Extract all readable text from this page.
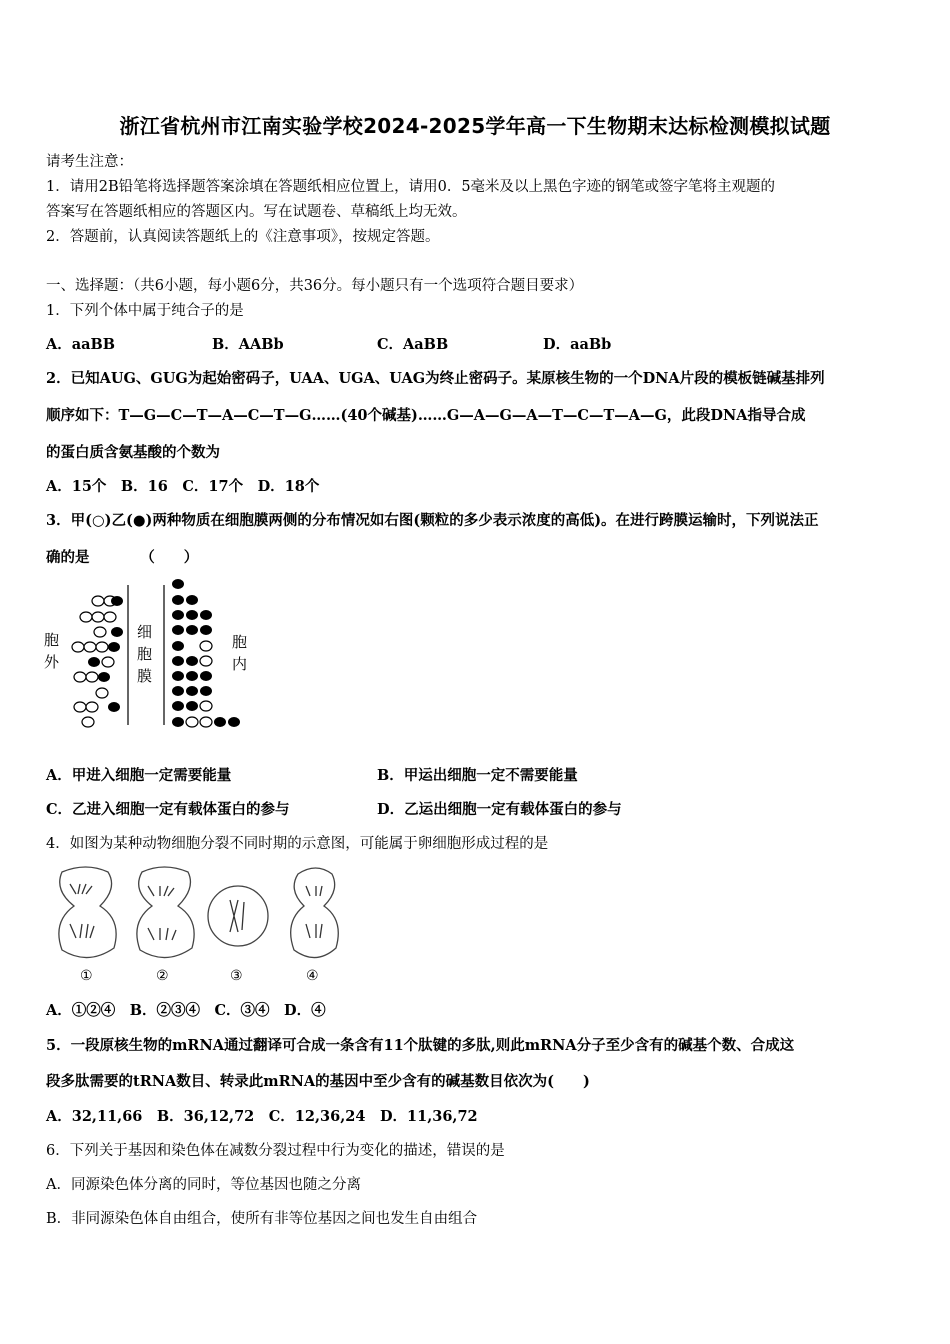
浙江省杭州市江南实验学校2024-2025学年高一下生物期末达标检测模拟试题
请考生注意：
1．请用2B铅笔将选择题答案涂填在答题纸相应位置上，请用0．5毫米及以上黑色字迹的钢笔或签字笔将主观题的
答案写在答题纸相应的答题区内。写在试题卷、草稿纸上均无效。
2．答题前，认真阅读答题纸上的《注意事项》，按规定答题。
一、选择题：（共6小题，每小题6分，共36分。每小题只有一个选项符合题目要求）
1．下列个体中属于纯合子的是
A．aaBB	B．AABb	C．AaBB	D．aaBb
2．已知AUG、GUG为起始密码子，UAA、UGA、UAG为终止密码子。某原核生物的一个DNA片段的模板链碱基排列
顺序如下：T—G—C—T—A—C—T—G……(40个碱基)……G—A—G—A—T—C—T—A—G，此段DNA指导合成
的蛋白质含氨基酸的个数为
A．15个　B．16　C．17个　D．18个
3．甲(○)乙(●)两种物质在细胞膜两侧的分布情况如右图(颗粒的多少表示浓度的高低)。在进行跨膜运输时，下列说法正
确的是　　　　（　　）
胞
外
细
胞
膜
胞
内
A．甲进入细胞一定需要能量	B．甲运出细胞一定不需要能量
C．乙进入细胞一定有载体蛋白的参与	D．乙运出细胞一定有载体蛋白的参与
4．如图为某种动物细胞分裂不同时期的示意图，可能属于卵细胞形成过程的是
①	②	③	④
A．①②④　B．②③④　C．③④　D．④
5．一段原核生物的mRNA通过翻译可合成一条含有11个肽键的多肽,则此mRNA分子至少含有的碱基个数、合成这
段多肽需要的tRNA数目、转录此mRNA的基因中至少含有的碱基数目依次为(　　)
A．32,11,66　B．36,12,72　C．12,36,24　D．11,36,72
6．下列关于基因和染色体在减数分裂过程中行为变化的描述，错误的是
A．同源染色体分离的同时，等位基因也随之分离
B．非同源染色体自由组合，使所有非等位基因之间也发生自由组合
